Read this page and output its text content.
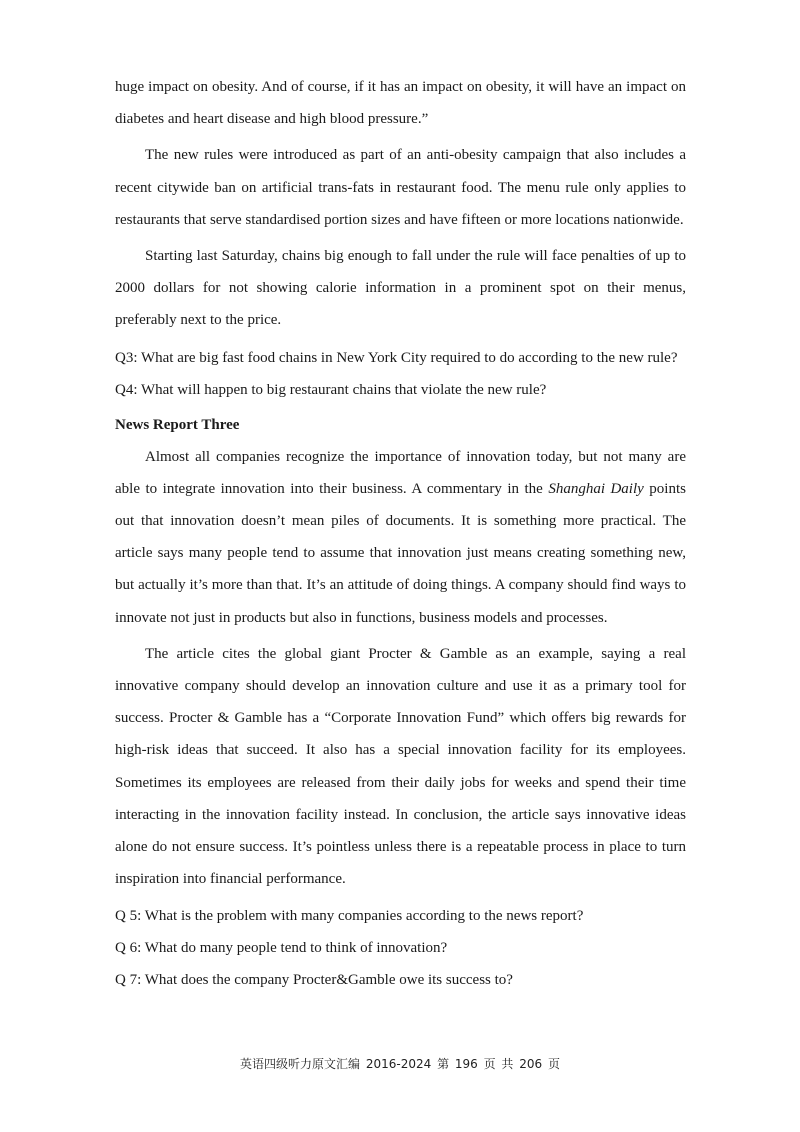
huge impact on obesity. And of course, if it has an impact on obesity, it will have an impact on diabetes and heart disease and high blood pressure.”

The new rules were introduced as part of an anti-obesity campaign that also includes a recent citywide ban on artificial trans-fats in restaurant food. The menu rule only applies to restaurants that serve standardised portion sizes and have fifteen or more locations nationwide.

Starting last Saturday, chains big enough to fall under the rule will face penalties of up to 2000 dollars for not showing calorie information in a prominent spot on their menus, preferably next to the price.

Q3: What are big fast food chains in New York City required to do according to the new rule?

Q4: What will happen to big restaurant chains that violate the new rule?

News Report Three

Almost all companies recognize the importance of innovation today, but not many are able to integrate innovation into their business. A commentary in the Shanghai Daily points out that innovation doesn’t mean piles of documents. It is something more practical. The article says many people tend to assume that innovation just means creating something new, but actually it’s more than that. It’s an attitude of doing things. A company should find ways to innovate not just in products but also in functions, business models and processes.

The article cites the global giant Procter & Gamble as an example, saying a real innovative company should develop an innovation culture and use it as a primary tool for success. Procter & Gamble has a “Corporate Innovation Fund” which offers big rewards for high-risk ideas that succeed. It also has a special innovation facility for its employees. Sometimes its employees are released from their daily jobs for weeks and spend their time interacting in the innovation facility instead. In conclusion, the article says innovative ideas alone do not ensure success. It’s pointless unless there is a repeatable process in place to turn inspiration into financial performance.

Q 5: What is the problem with many companies according to the news report?

Q 6: What do many people tend to think of innovation?

Q 7: What does the company Procter&Gamble owe its success to?

英语四级听力原文汇编 2016-2024 第 196 页 共 206 页
